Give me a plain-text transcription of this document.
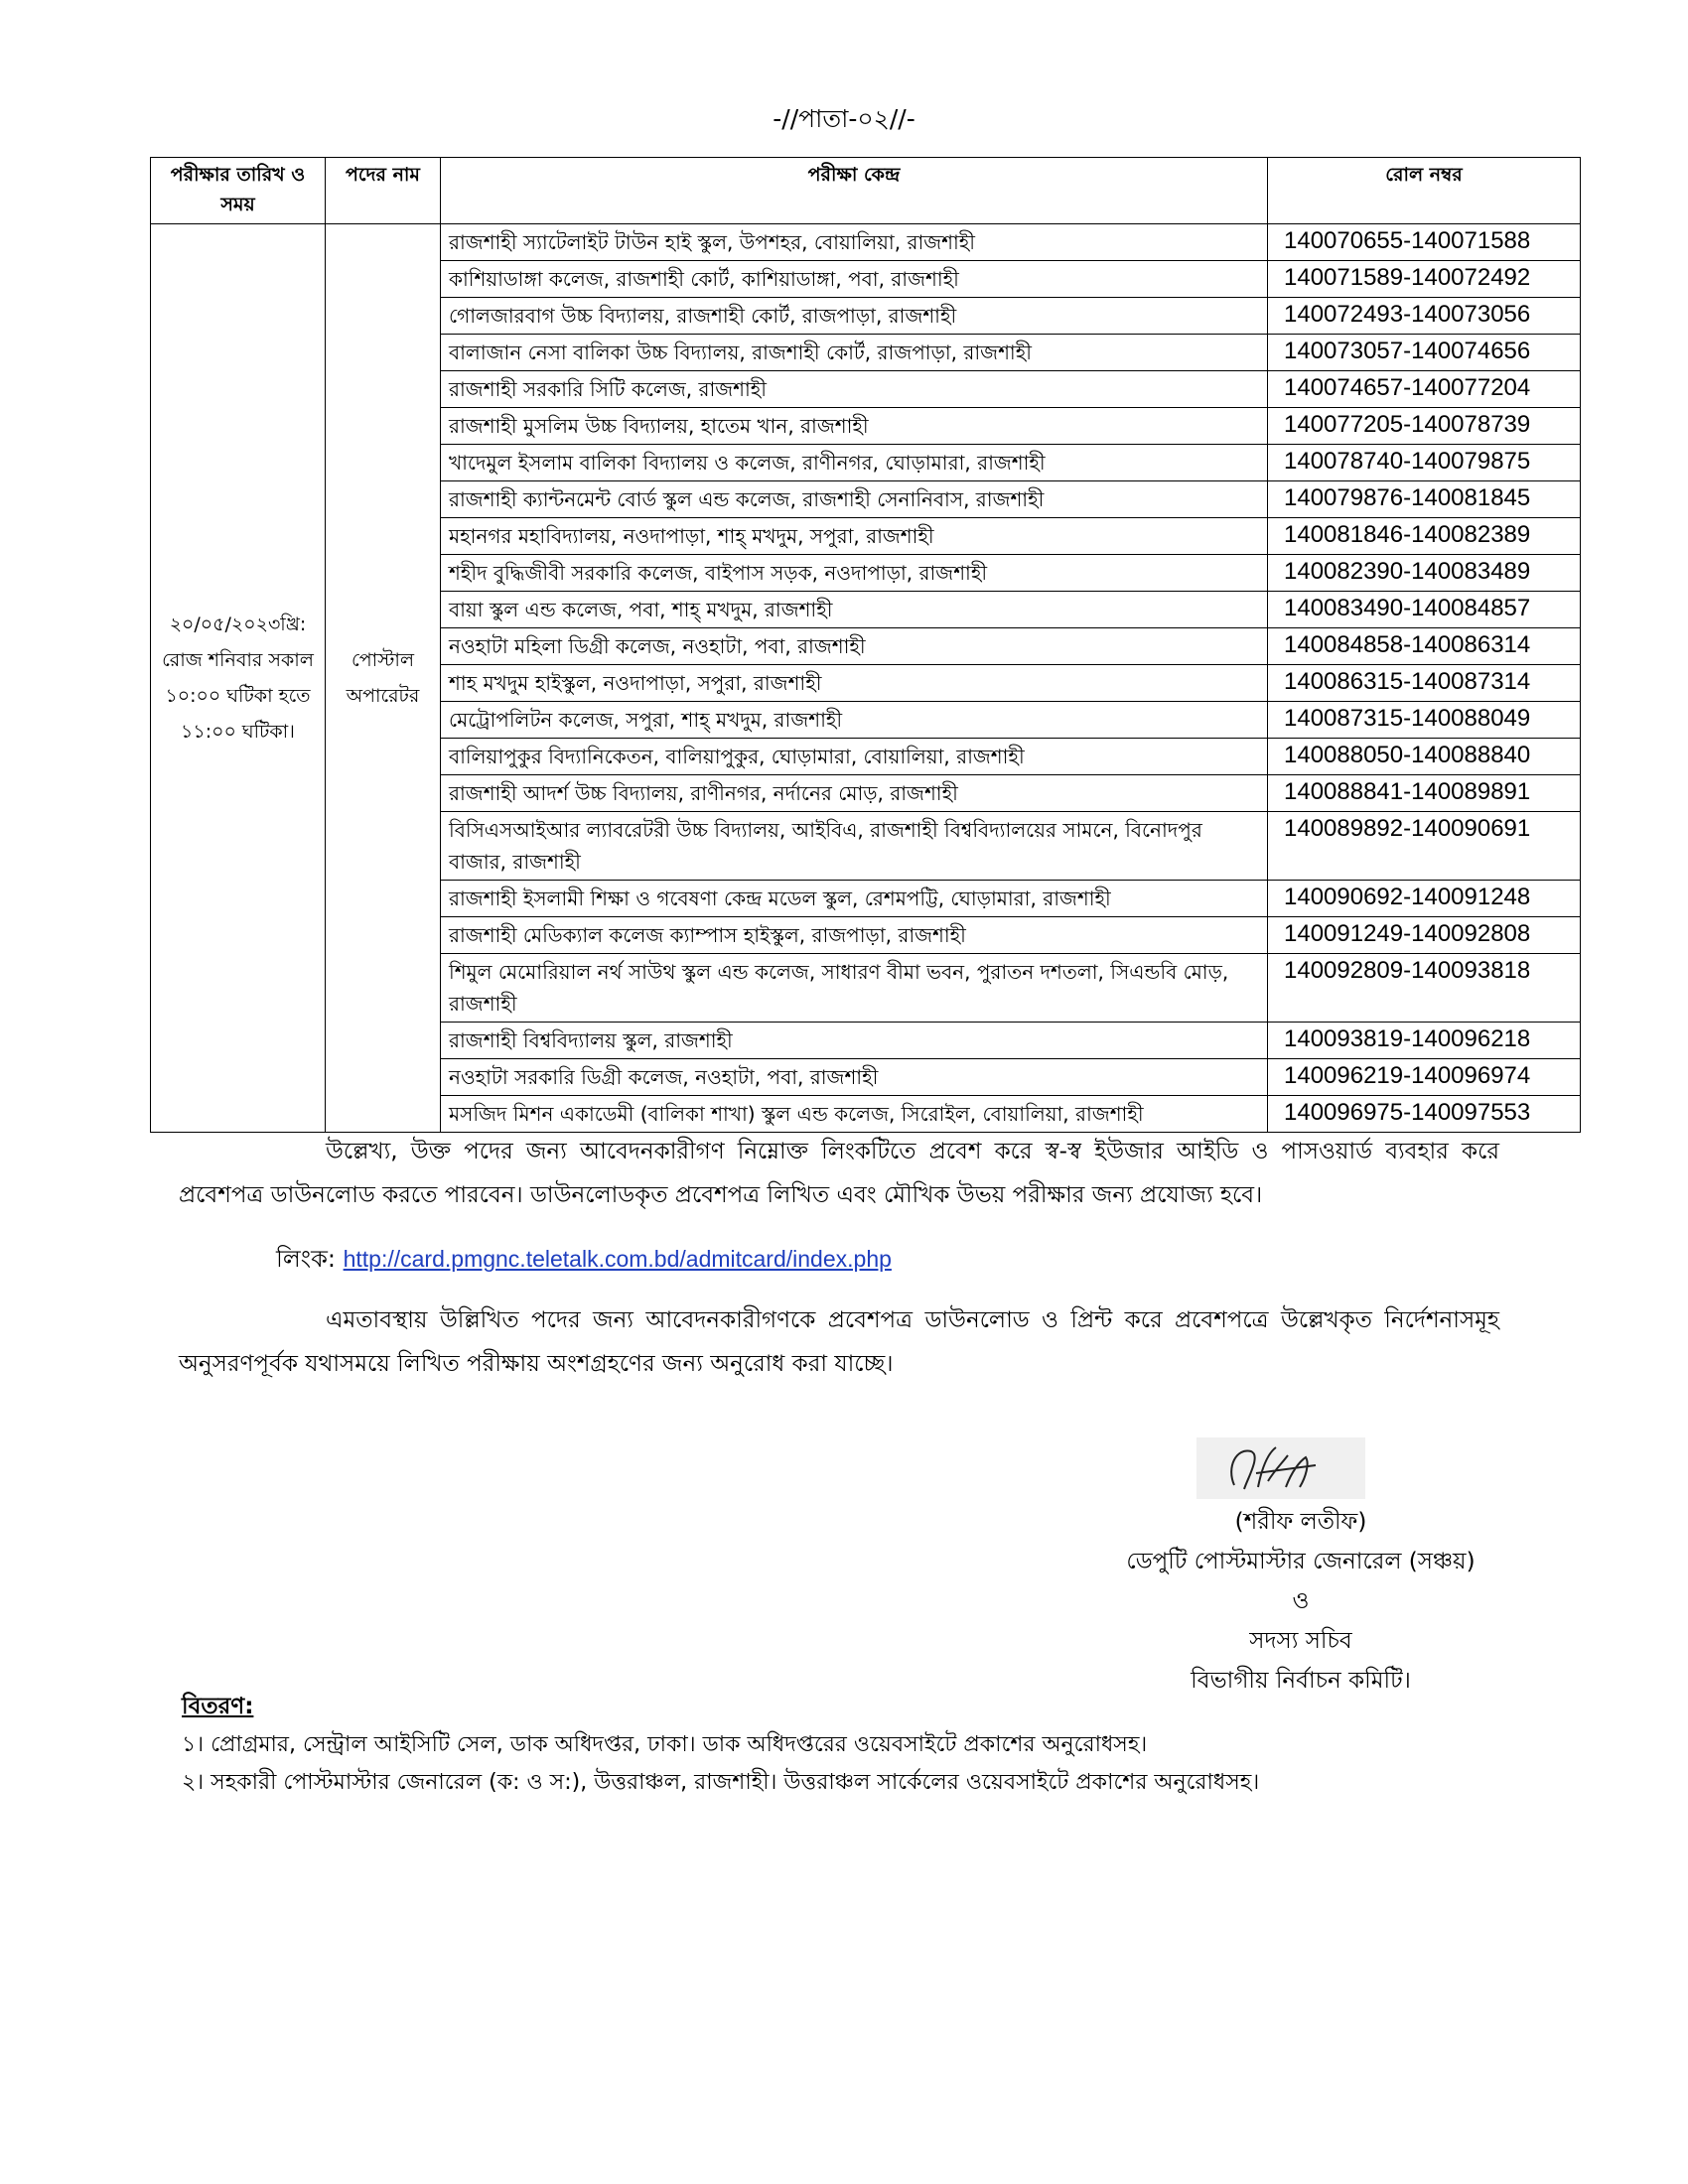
-//পাতা-০২//-
পরীক্ষার তারিখ ও সময়	পদের নাম	পরীক্ষা কেন্দ্র	রোল নম্বর
২০/০৫/২০২৩খ্রি: রোজ শনিবার সকাল ১০:০০ ঘটিকা হতে ১১:০০ ঘটিকা।	পোস্টাল অপারেটর	রাজশাহী স্যাটেলাইট টাউন হাই স্কুল, উপশহর, বোয়ালিয়া, রাজশাহী	140070655-140071588
		কাশিয়াডাঙ্গা কলেজ, রাজশাহী কোর্ট, কাশিয়াডাঙ্গা, পবা, রাজশাহী	140071589-140072492
		গোলজারবাগ উচ্চ বিদ্যালয়, রাজশাহী কোর্ট, রাজপাড়া, রাজশাহী	140072493-140073056
		বালাজান নেসা বালিকা উচ্চ বিদ্যালয়, রাজশাহী কোর্ট, রাজপাড়া, রাজশাহী	140073057-140074656
		রাজশাহী সরকারি সিটি কলেজ, রাজশাহী	140074657-140077204
		রাজশাহী মুসলিম উচ্চ বিদ্যালয়, হাতেম খান, রাজশাহী	140077205-140078739
		খাদেমুল ইসলাম বালিকা বিদ্যালয় ও কলেজ, রাণীনগর, ঘোড়ামারা, রাজশাহী	140078740-140079875
		রাজশাহী ক্যান্টনমেন্ট বোর্ড স্কুল এন্ড কলেজ, রাজশাহী সেনানিবাস, রাজশাহী	140079876-140081845
		মহানগর মহাবিদ্যালয়, নওদাপাড়া, শাহ্ মখদুম, সপুরা, রাজশাহী	140081846-140082389
		শহীদ বুদ্ধিজীবী সরকারি কলেজ, বাইপাস সড়ক, নওদাপাড়া, রাজশাহী	140082390-140083489
		বায়া স্কুল এন্ড কলেজ, পবা, শাহ্ মখদুম, রাজশাহী	140083490-140084857
		নওহাটা মহিলা ডিগ্রী কলেজ, নওহাটা, পবা, রাজশাহী	140084858-140086314
		শাহ মখদুম হাইস্কুল, নওদাপাড়া, সপুরা, রাজশাহী	140086315-140087314
		মেট্রোপলিটন কলেজ, সপুরা, শাহ্ মখদুম, রাজশাহী	140087315-140088049
		বালিয়াপুকুর বিদ্যানিকেতন, বালিয়াপুকুর, ঘোড়ামারা, বোয়ালিয়া, রাজশাহী	140088050-140088840
		রাজশাহী আদর্শ উচ্চ বিদ্যালয়, রাণীনগর, নর্দানের মোড়, রাজশাহী	140088841-140089891
		বিসিএসআইআর ল্যাবরেটরী উচ্চ বিদ্যালয়, আইবিএ, রাজশাহী বিশ্ববিদ্যালয়ের সামনে, বিনোদপুর বাজার, রাজশাহী	140089892-140090691
		রাজশাহী ইসলামী শিক্ষা ও গবেষণা কেন্দ্র মডেল স্কুল, রেশমপট্টি, ঘোড়ামারা, রাজশাহী	140090692-140091248
		রাজশাহী মেডিক্যাল কলেজ ক্যাম্পাস হাইস্কুল, রাজপাড়া, রাজশাহী	140091249-140092808
		শিমুল মেমোরিয়াল নর্থ সাউথ স্কুল এন্ড কলেজ, সাধারণ বীমা ভবন, পুরাতন দশতলা, সিএন্ডবি মোড়, রাজশাহী	140092809-140093818
		রাজশাহী বিশ্ববিদ্যালয় স্কুল, রাজশাহী	140093819-140096218
		নওহাটা সরকারি ডিগ্রী কলেজ, নওহাটা, পবা, রাজশাহী	140096219-140096974
		মসজিদ মিশন একাডেমী (বালিকা শাখা) স্কুল এন্ড কলেজ, সিরোইল, বোয়ালিয়া, রাজশাহী	140096975-140097553
উল্লেখ্য, উক্ত পদের জন্য আবেদনকারীগণ নিম্নোক্ত লিংকটিতে প্রবেশ করে স্ব-স্ব ইউজার আইডি ও পাসওয়ার্ড ব্যবহার করে প্রবেশপত্র ডাউনলোড করতে পারবেন। ডাউনলোডকৃত প্রবেশপত্র লিখিত এবং মৌখিক উভয় পরীক্ষার জন্য প্রযোজ্য হবে।
লিংক: http://card.pmgnc.teletalk.com.bd/admitcard/index.php
এমতাবস্থায় উল্লিখিত পদের জন্য আবেদনকারীগণকে প্রবেশপত্র ডাউনলোড ও প্রিন্ট করে প্রবেশপত্রে উল্লেখকৃত নির্দেশনাসমূহ অনুসরণপূর্বক যথাসময়ে লিখিত পরীক্ষায় অংশগ্রহণের জন্য অনুরোধ করা যাচ্ছে।
(শরীফ লতীফ)
ডেপুটি পোস্টমাস্টার জেনারেল (সঞ্চয়)
ও
সদস্য সচিব
বিভাগীয় নির্বাচন কমিটি।
বিতরণ:
১। প্রোগ্রমার, সেন্ট্রাল আইসিটি সেল, ডাক অধিদপ্তর, ঢাকা। ডাক অধিদপ্তরের ওয়েবসাইটে প্রকাশের অনুরোধসহ।
২। সহকারী পোস্টমাস্টার জেনারেল (ক: ও স:), উত্তরাঞ্চল, রাজশাহী। উত্তরাঞ্চল সার্কেলের ওয়েবসাইটে প্রকাশের অনুরোধসহ।
